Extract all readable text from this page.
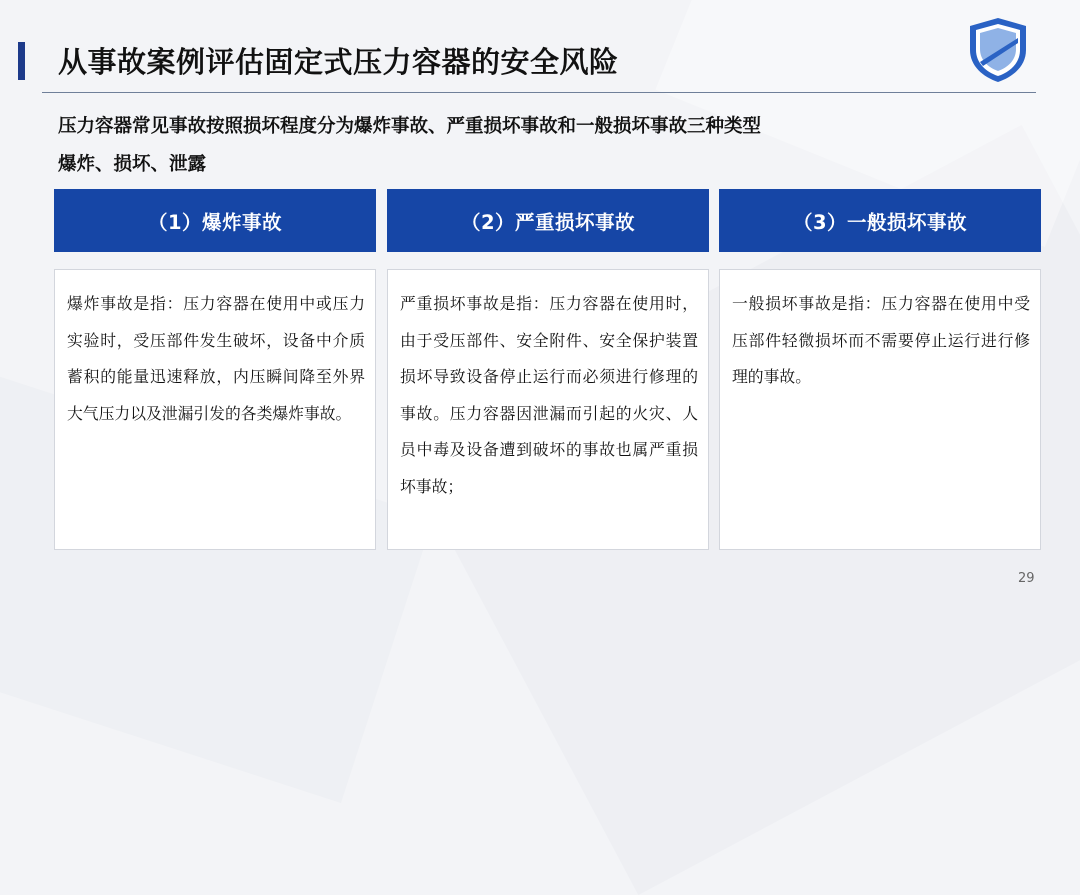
从事故案例评估固定式压力容器的安全风险
压力容器常见事故按照损坏程度分为爆炸事故、严重损坏事故和一般损坏事故三种类型
爆炸、损坏、泄露
（1）爆炸事故	（2）严重损坏事故	（3）一般损坏事故
爆炸事故是指：压力容器在使用中或压力实验时，受压部件发生破坏，设备中介质蓄积的能量迅速释放，内压瞬间降至外界大气压力以及泄漏引发的各类爆炸事故。
严重损坏事故是指：压力容器在使用时，由于受压部件、安全附件、安全保护装置损坏导致设备停止运行而必须进行修理的事故。压力容器因泄漏而引起的火灾、人员中毒及设备遭到破坏的事故也属严重损坏事故；
一般损坏事故是指：压力容器在使用中受压部件轻微损坏而不需要停止运行进行修理的事故。
29
